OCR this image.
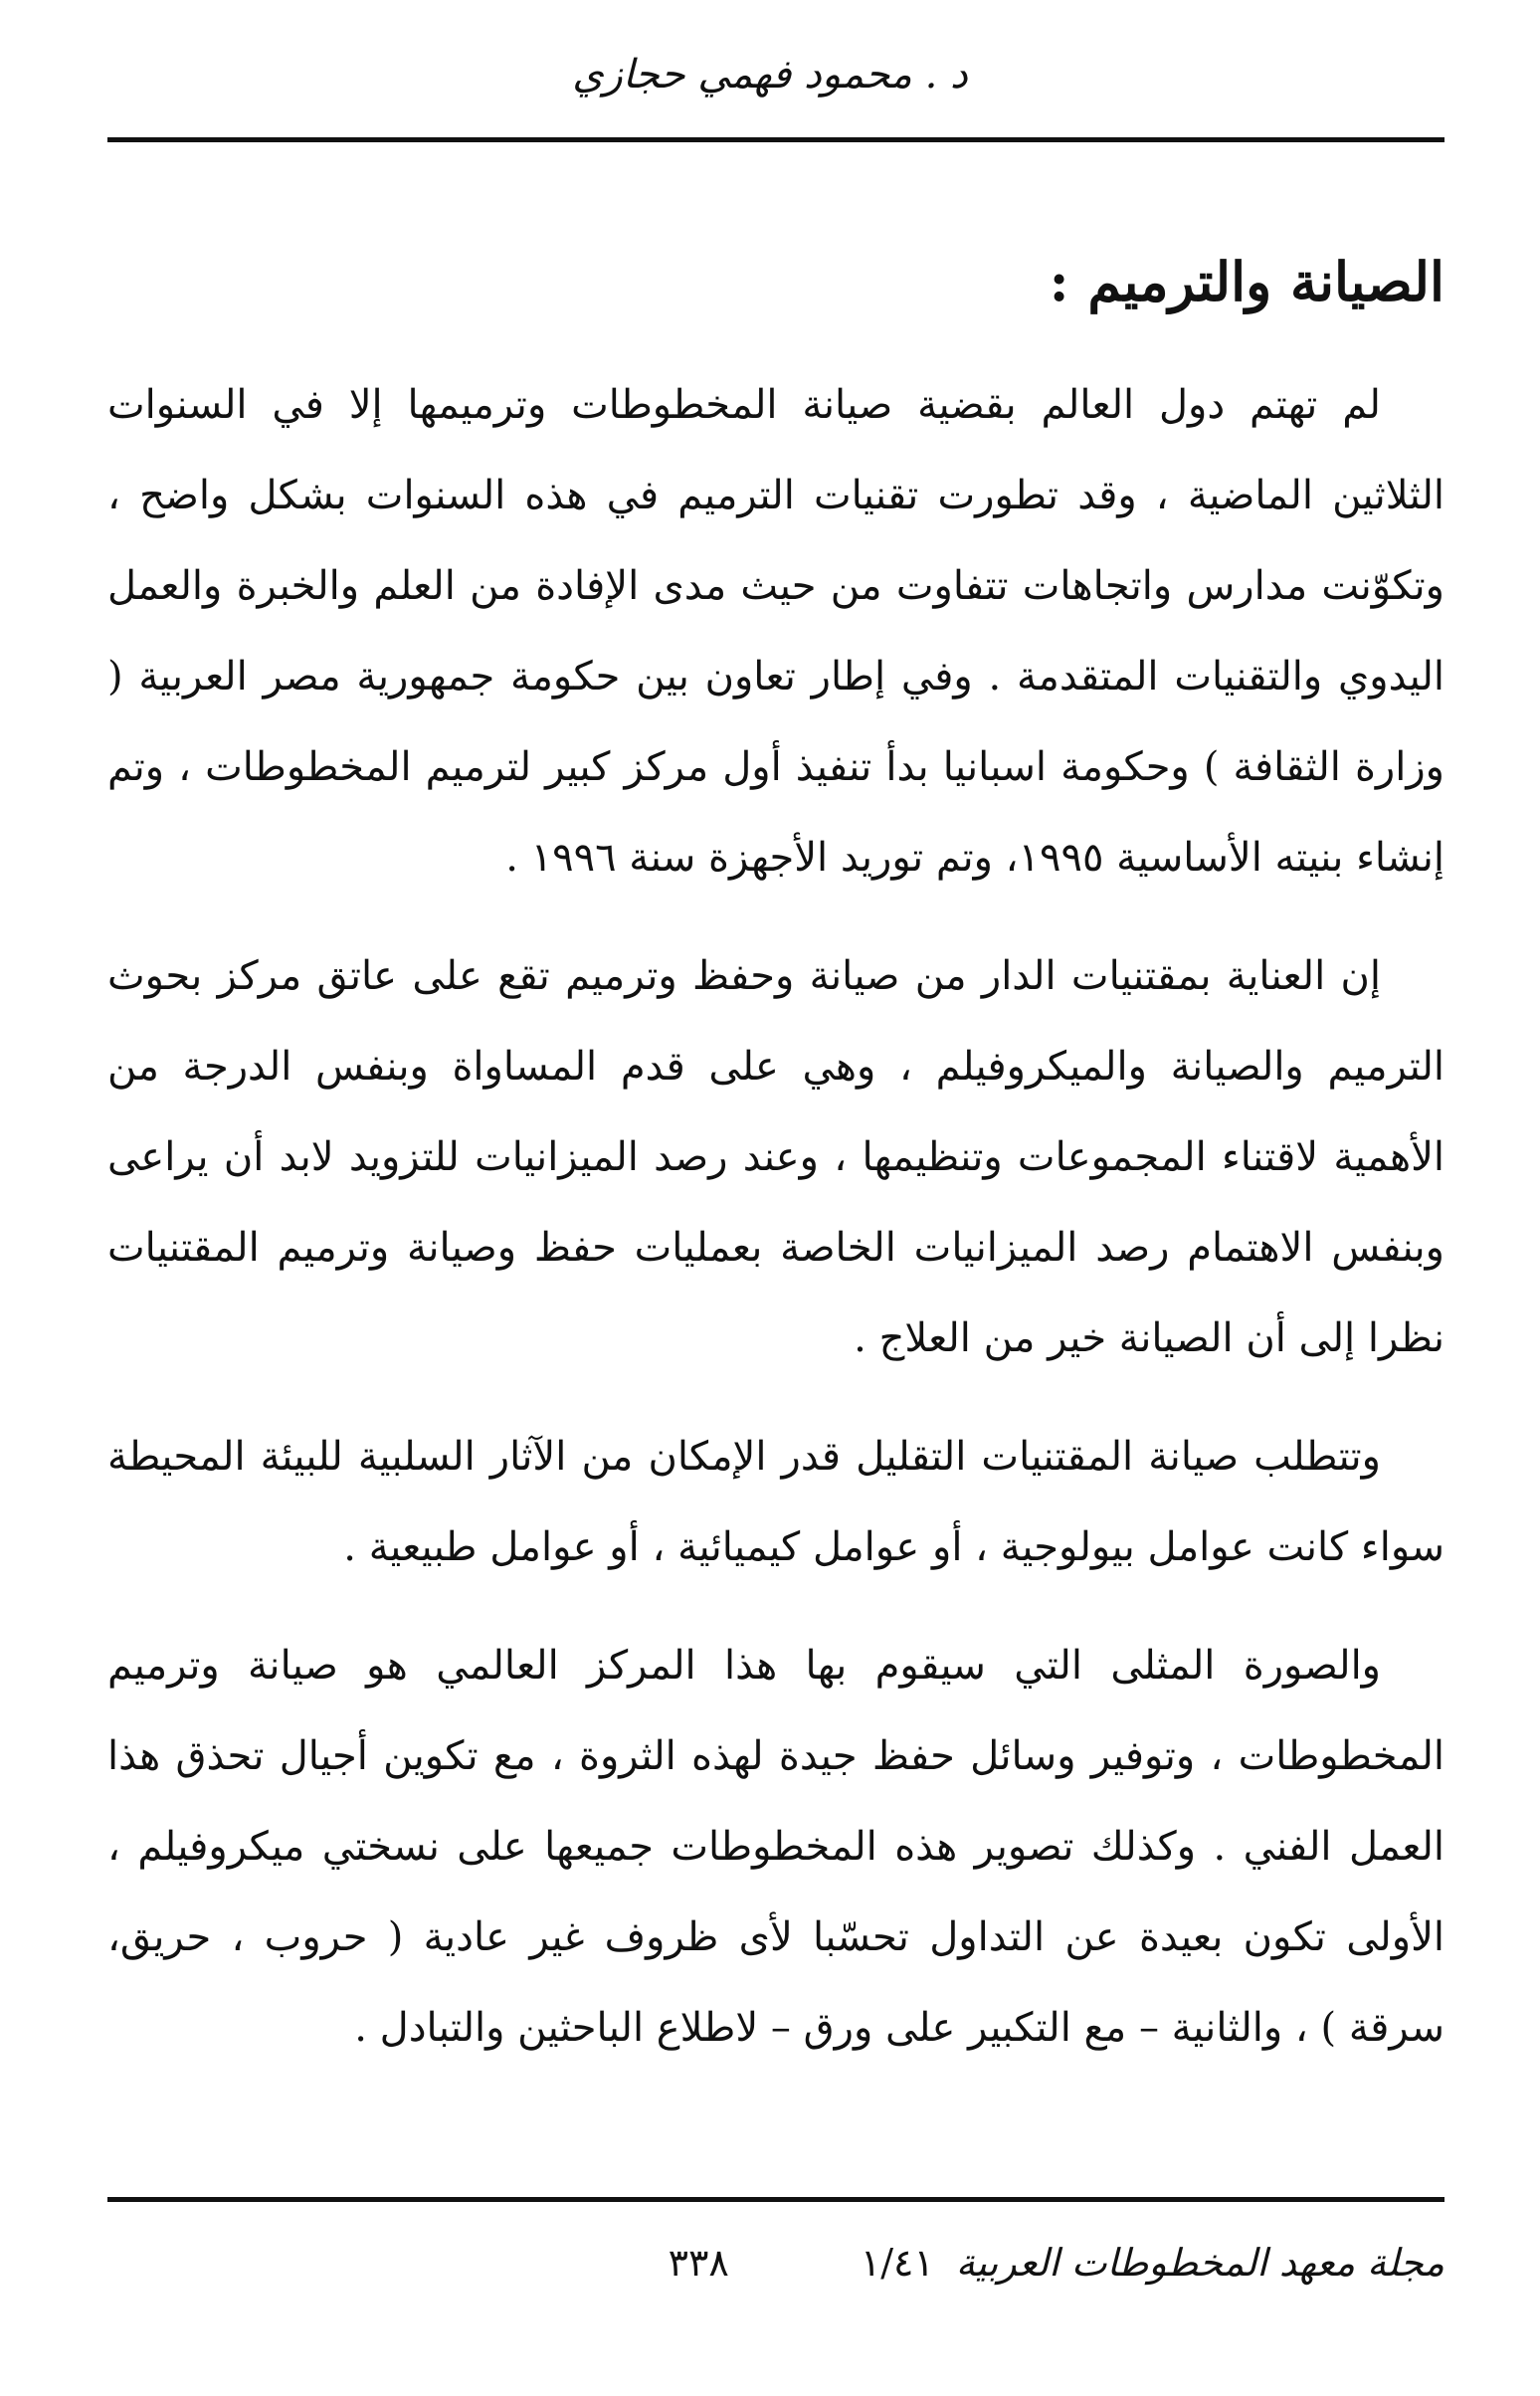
د . محمود فهمي حجازي
الصيانة والترميم :

لم تهتم دول العالم بقضية صيانة المخطوطات وترميمها إلا في السنوات الثلاثين الماضية ، وقد تطورت تقنيات الترميم في هذه السنوات بشكل واضح ، وتكوّنت مدارس واتجاهات تتفاوت من حيث مدى الإفادة من العلم والخبرة والعمل اليدوي والتقنيات المتقدمة . وفي إطار تعاون بين حكومة جمهورية مصر العربية ( وزارة الثقافة ) وحكومة اسبانيا بدأ تنفيذ أول مركز كبير لترميم المخطوطات ، وتم إنشاء بنيته الأساسية ١٩٩٥، وتم توريد الأجهزة سنة ١٩٩٦ .

إن العناية بمقتنيات الدار من صيانة وحفظ وترميم تقع على عاتق مركز بحوث الترميم والصيانة والميكروفيلم ، وهي على قدم المساواة وبنفس الدرجة من الأهمية لاقتناء المجموعات وتنظيمها ، وعند رصد الميزانيات للتزويد لابد أن يراعى وبنفس الاهتمام رصد الميزانيات الخاصة بعمليات حفظ وصيانة وترميم المقتنيات نظرا إلى أن الصيانة خير من العلاج .

وتتطلب صيانة المقتنيات التقليل قدر الإمكان من الآثار السلبية للبيئة المحيطة سواء كانت عوامل بيولوجية ، أو عوامل كيميائية ، أو عوامل طبيعية .

والصورة المثلى التي سيقوم بها هذا المركز العالمي هو صيانة وترميم المخطوطات ، وتوفير وسائل حفظ جيدة لهذه الثروة ، مع تكوين أجيال تحذق هذا العمل الفني . وكذلك تصوير هذه المخطوطات جميعها على نسختي ميكروفيلم ، الأولى تكون بعيدة عن التداول تحسّبا لأى ظروف غير عادية ( حروب ، حريق، سرقة ) ، والثانية – مع التكبير على ورق – لاطلاع الباحثين والتبادل .

مجلة معهد المخطوطات العربية
١/٤١
٣٣٨
